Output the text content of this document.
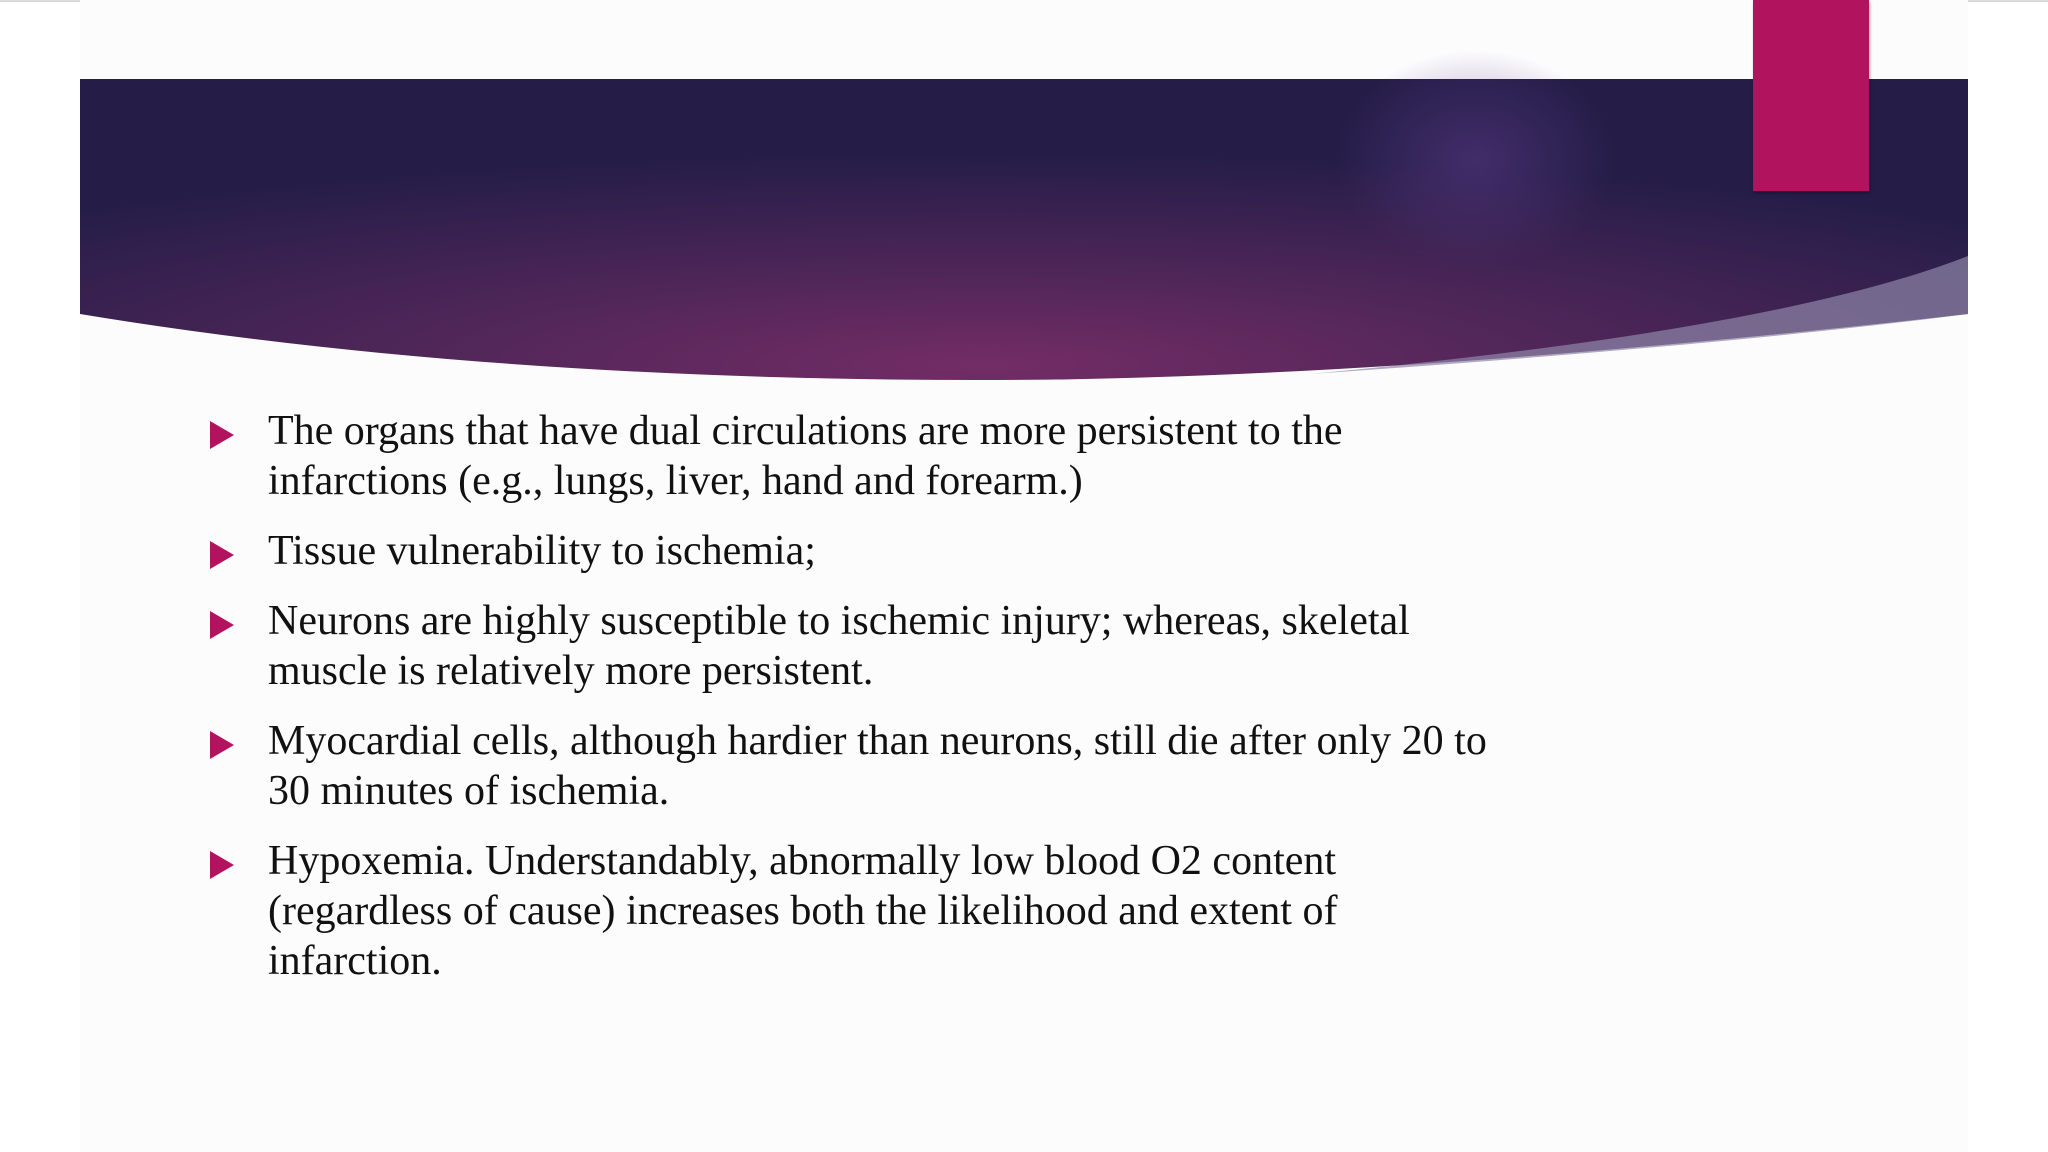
The organs that have dual circulations are more persistent to the
infarctions (e.g., lungs, liver, hand and forearm.)
Tissue vulnerability to ischemia;
Neurons are highly susceptible to ischemic injury; whereas, skeletal
muscle is relatively more persistent.
Myocardial cells, although hardier than neurons, still die after only 20 to
30 minutes of ischemia.
Hypoxemia. Understandably, abnormally low blood O2 content
(regardless of cause) increases both the likelihood and extent of
infarction.
